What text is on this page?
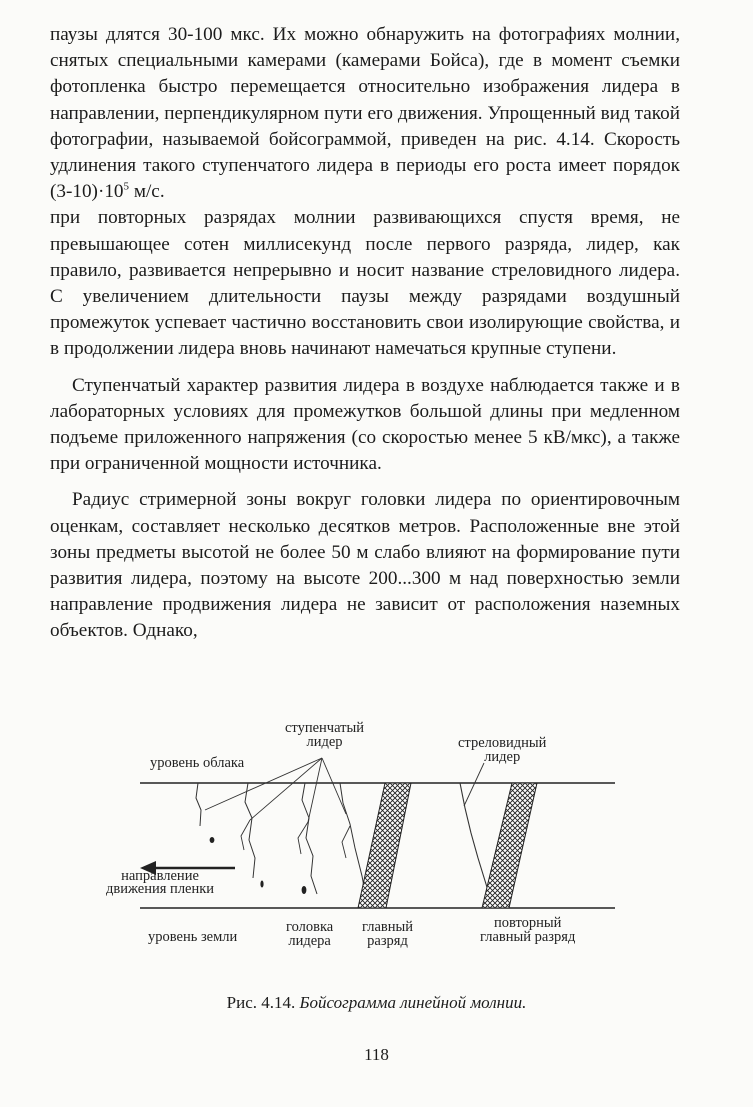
паузы длятся 30-100 мкс. Их можно обнаружить на фотографиях молнии, снятых специальными камерами (камерами Бойса), где в момент съемки фотопленка быстро перемещается относительно изображения лидера в направлении, перпендикулярном пути его движения. Упрощенный вид такой фотографии, называемой бойсограммой, приведен на рис. 4.14. Скорость удлинения такого ступенчатого лидера в периоды его роста имеет порядок $(3-10)\cdot 10^5$ м/с.

при повторных разрядах молнии развивающихся спустя время, не превышающее сотен миллисекунд после первого разряда, лидер, как правило, развивается непрерывно и носит название стреловидного лидера. С увеличением длительности паузы между разрядами воздушный промежуток успевает частично восстановить свои изолирующие свойства, и в продолжении лидера вновь начинают намечаться крупные ступени.

Ступенчатый характер развития лидера в воздухе наблюдается также и в лабораторных условиях для промежутков большой длины при медленном подъеме приложенного напряжения (со скоростью менее 5 кВ/мкс), а также при ограниченной мощности источника.

Радиус стримерной зоны вокруг головки лидера по ориентировочным оценкам, составляет несколько десятков метров. Расположенные вне этой зоны предметы высотой не более 50 м слабо влияют на формирование пути развития лидера, поэтому на высоте 200...300 м над поверхностью земли направление продвижения лидера не зависит от расположения наземных объектов. Однако,

ступенчатый
лидер
уровень облака
стреловидный
лидер
направление
движения пленки
головка
лидера
главный
разряд
уровень земли
повторный
главный разряд
Рис. 4.14. Бойсограмма линейной молнии.
118
